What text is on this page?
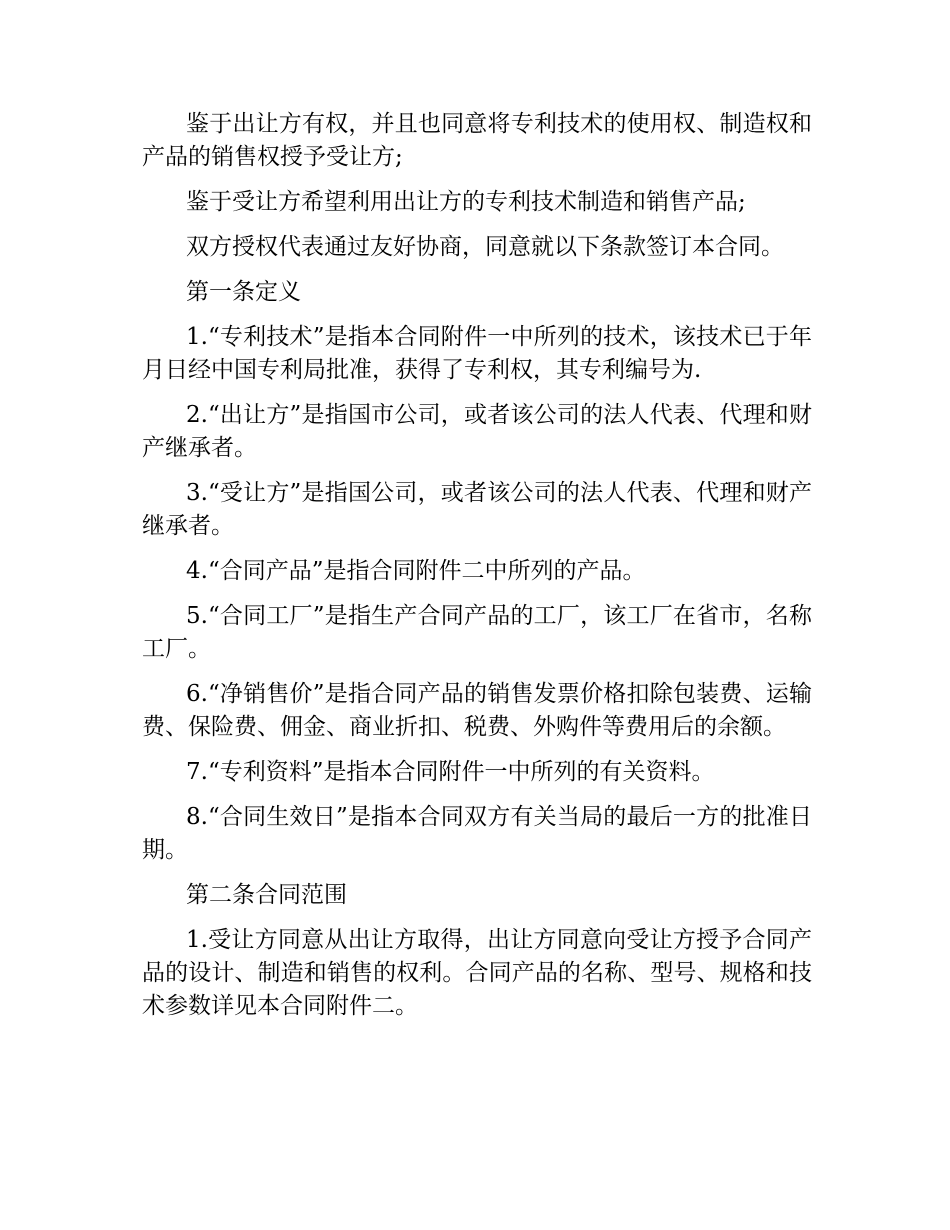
鉴于出让方有权，并且也同意将专利技术的使用权、制造权和产品的销售权授予受让方;

鉴于受让方希望利用出让方的专利技术制造和销售产品;

双方授权代表通过友好协商，同意就以下条款签订本合同。

第一条定义

1.“专利技术”是指本合同附件一中所列的技术，该技术已于年月日经中国专利局批准，获得了专利权，其专利编号为.

2.“出让方”是指国市公司，或者该公司的法人代表、代理和财产继承者。

3.“受让方”是指国公司，或者该公司的法人代表、代理和财产继承者。

4.“合同产品”是指合同附件二中所列的产品。

5.“合同工厂”是指生产合同产品的工厂，该工厂在省市，名称工厂。

6.“净销售价”是指合同产品的销售发票价格扣除包装费、运输费、保险费、佣金、商业折扣、税费、外购件等费用后的余额。

7.“专利资料”是指本合同附件一中所列的有关资料。

8.“合同生效日”是指本合同双方有关当局的最后一方的批准日期。

第二条合同范围

1.受让方同意从出让方取得，出让方同意向受让方授予合同产品的设计、制造和销售的权利。合同产品的名称、型号、规格和技术参数详见本合同附件二。
